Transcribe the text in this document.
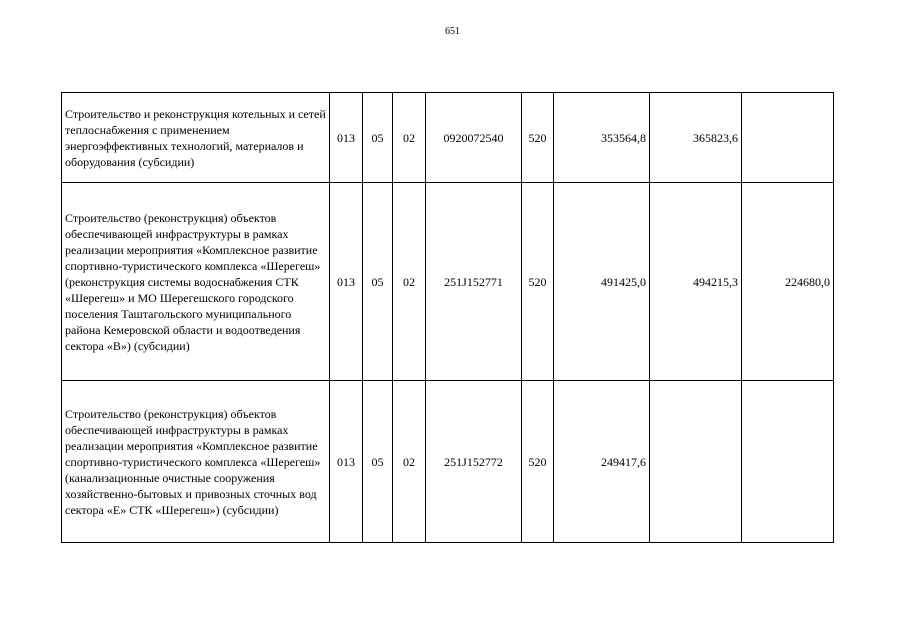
651
Строительство и реконструкция котельных и сетей теплоснабжения с применением энергоэффективных технологий, материалов и оборудования (субсидии)	013	05	02	0920072540	520	353564,8	365823,6	
Строительство (реконструкция) объектов обеспечивающей инфраструктуры в рамках реализации мероприятия «Комплексное развитие спортивно-туристического комплекса «Шерегеш» (реконструкция системы водоснабжения СТК «Шерегеш» и МО Шерегешского городского поселения Таштагольского муниципального района Кемеровской области и водоотведения сектора «В») (субсидии)	013	05	02	251J152771	520	491425,0	494215,3	224680,0
Строительство (реконструкция) объектов обеспечивающей инфраструктуры в рамках реализации мероприятия «Комплексное развитие спортивно-туристического комплекса «Шерегеш» (канализационные очистные сооружения хозяйственно-бытовых и привозных сточных вод сектора «Е» СТК «Шерегеш») (субсидии)	013	05	02	251J152772	520	249417,6		
